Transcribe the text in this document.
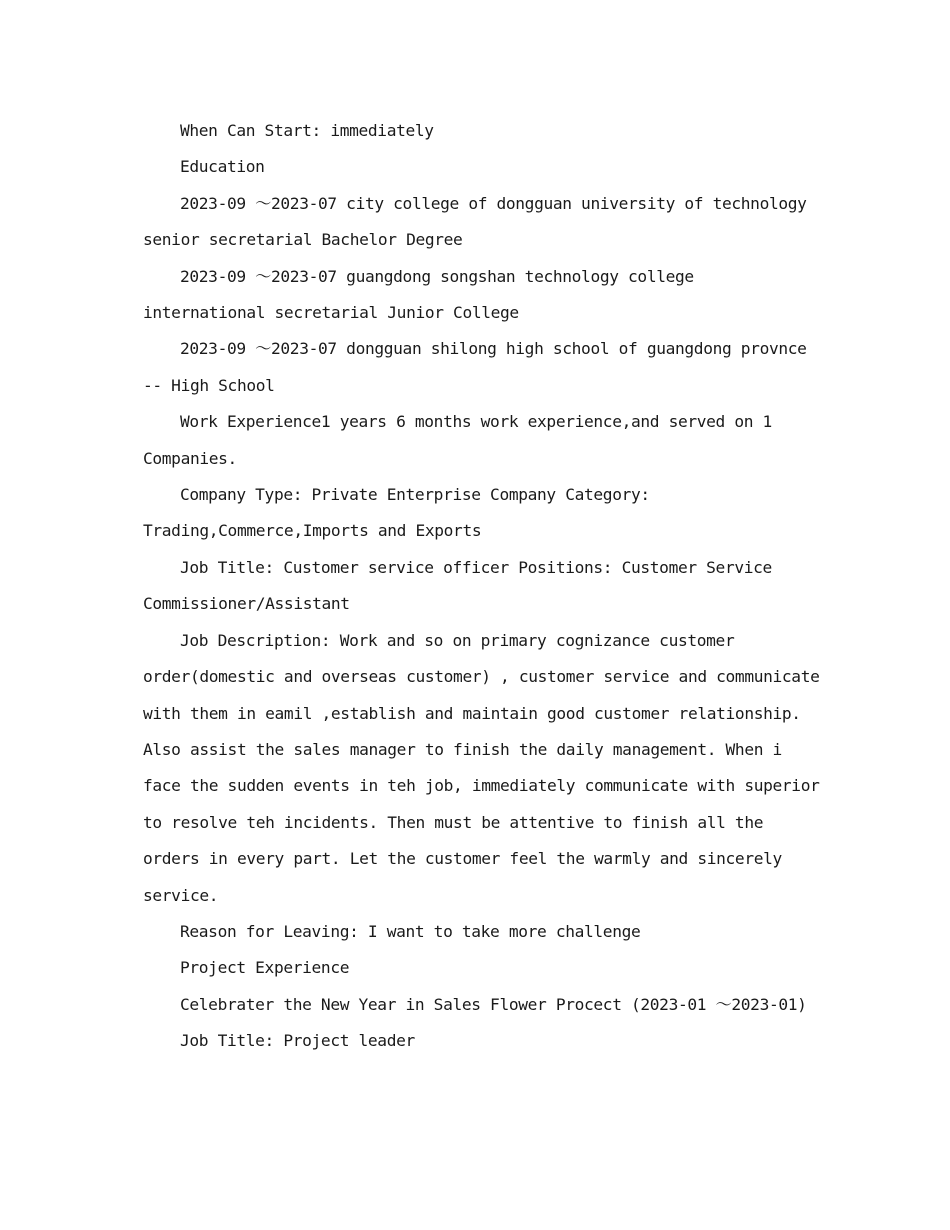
When Can Start: immediately

Education

2023-09 ～2023-07 city college of dongguan university of technology senior secretarial Bachelor Degree

2023-09 ～2023-07 guangdong songshan technology college international secretarial Junior College

2023-09 ～2023-07 dongguan shilong high school of guangdong provnce -- High School

Work Experience1 years 6 months work experience,and served on 1 Companies.

Company Type: Private Enterprise Company Category: Trading,Commerce,Imports and Exports

Job Title: Customer service officer Positions: Customer Service Commissioner/Assistant

Job Description: Work and so on primary cognizance customer order(domestic and overseas customer) , customer service and communicate with them in eamil ,establish and maintain good customer relationship. Also assist the sales manager to finish the daily management. When i face the sudden events in teh job, immediately communicate with superior to resolve teh incidents. Then must be attentive to finish all the orders in every part. Let the customer feel the warmly and sincerely service.

Reason for Leaving: I want to take more challenge

Project Experience

Celebrater the New Year in Sales Flower Procect (2023-01 ～2023-01)

Job Title: Project leader
